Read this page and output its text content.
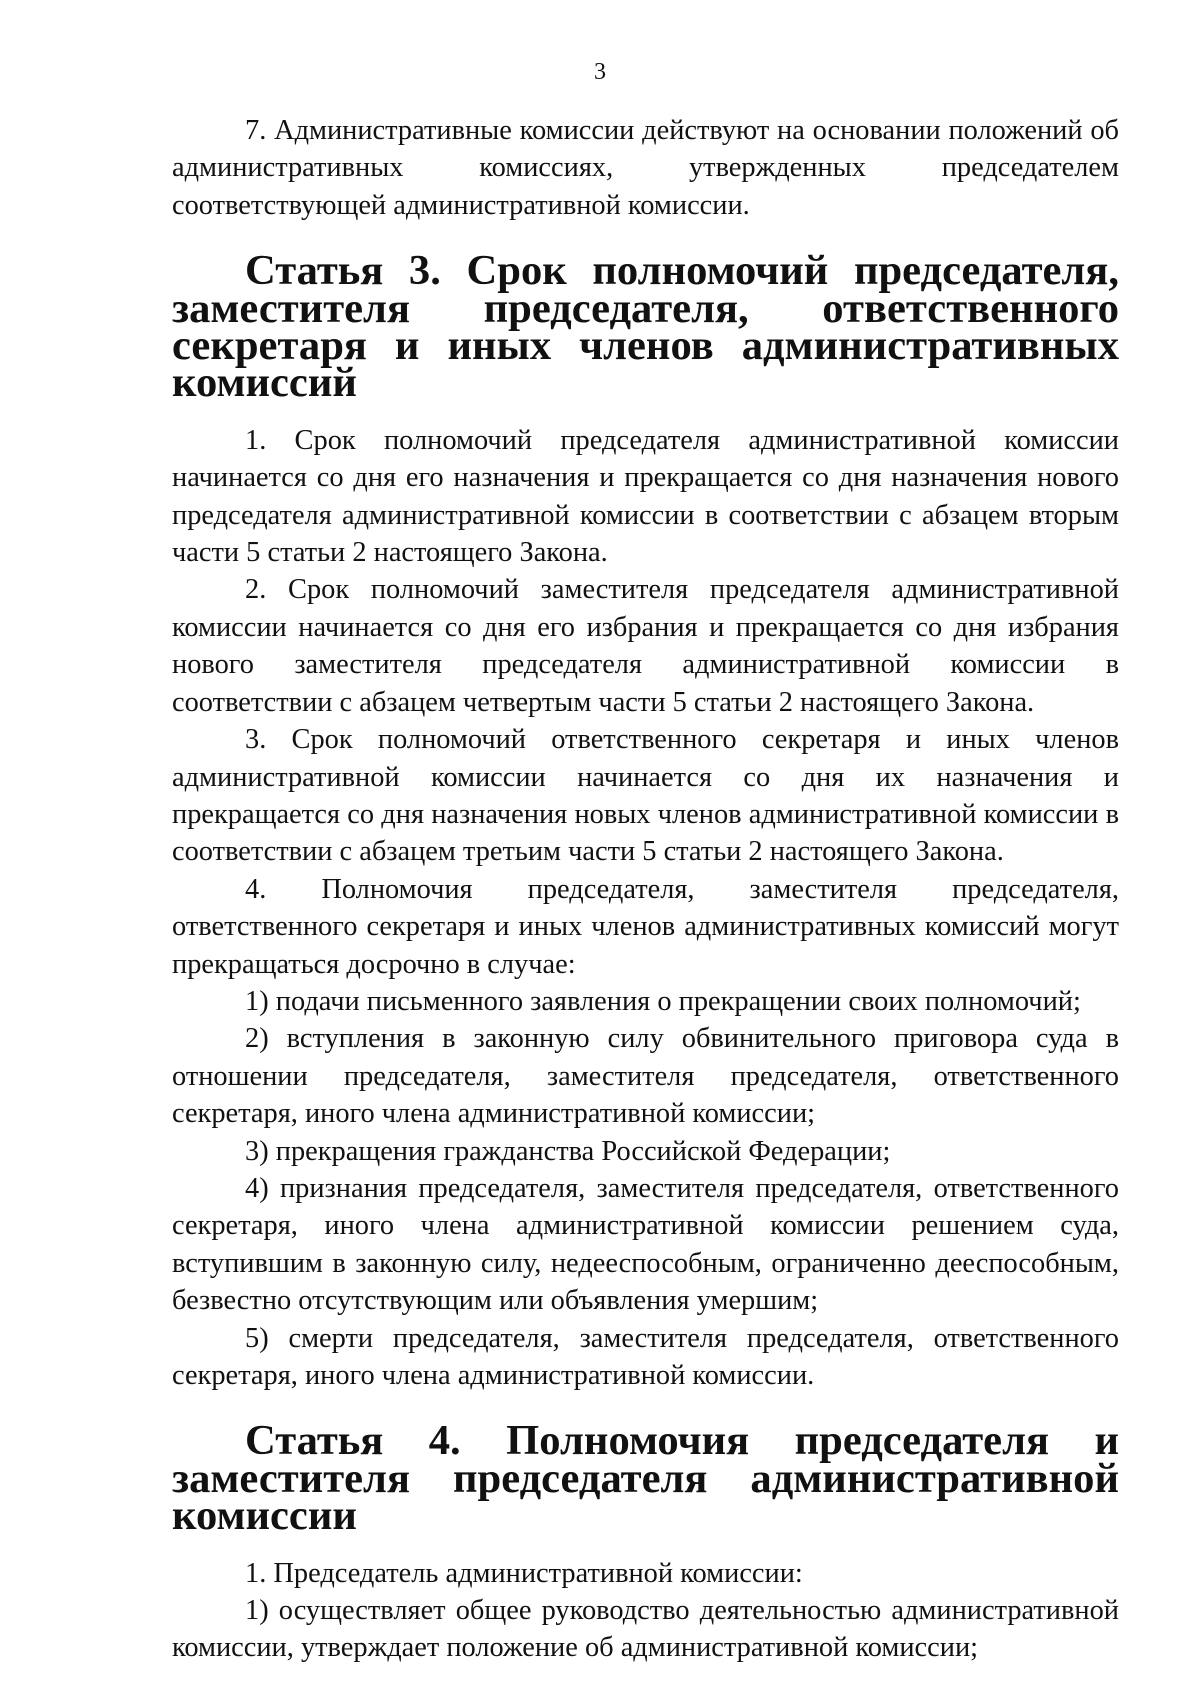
3

7. Административные комиссии действуют на основании положений об административных комиссиях, утвержденных председателем соответствующей административной комиссии.

Статья 3. Срок полномочий председателя, заместителя председателя, ответственного секретаря и иных членов административных комиссий

1. Срок полномочий председателя административной комиссии начинается со дня его назначения и прекращается со дня назначения нового председателя административной комиссии в соответствии с абзацем вторым части 5 статьи 2 настоящего Закона.

2. Срок полномочий заместителя председателя административной комиссии начинается со дня его избрания и прекращается со дня избрания нового заместителя председателя административной комиссии в соответствии с абзацем четвертым части 5 статьи 2 настоящего Закона.

3. Срок полномочий ответственного секретаря и иных членов административной комиссии начинается со дня их назначения и прекращается со дня назначения новых членов административной комиссии в соответствии с абзацем третьим части 5 статьи 2 настоящего Закона.

4. Полномочия председателя, заместителя председателя, ответственного секретаря и иных членов административных комиссий могут прекращаться досрочно в случае:

1) подачи письменного заявления о прекращении своих полномочий;

2) вступления в законную силу обвинительного приговора суда в отношении председателя, заместителя председателя, ответственного секретаря, иного члена административной комиссии;

3) прекращения гражданства Российской Федерации;

4) признания председателя, заместителя председателя, ответственного секретаря, иного члена административной комиссии решением суда, вступившим в законную силу, недееспособным, ограниченно дееспособным, безвестно отсутствующим или объявления умершим;

5) смерти председателя, заместителя председателя, ответственного секретаря, иного члена административной комиссии.

Статья 4. Полномочия председателя и заместителя председателя административной комиссии

1. Председатель административной комиссии:

1) осуществляет общее руководство деятельностью административной комиссии, утверждает положение об административной комиссии;
